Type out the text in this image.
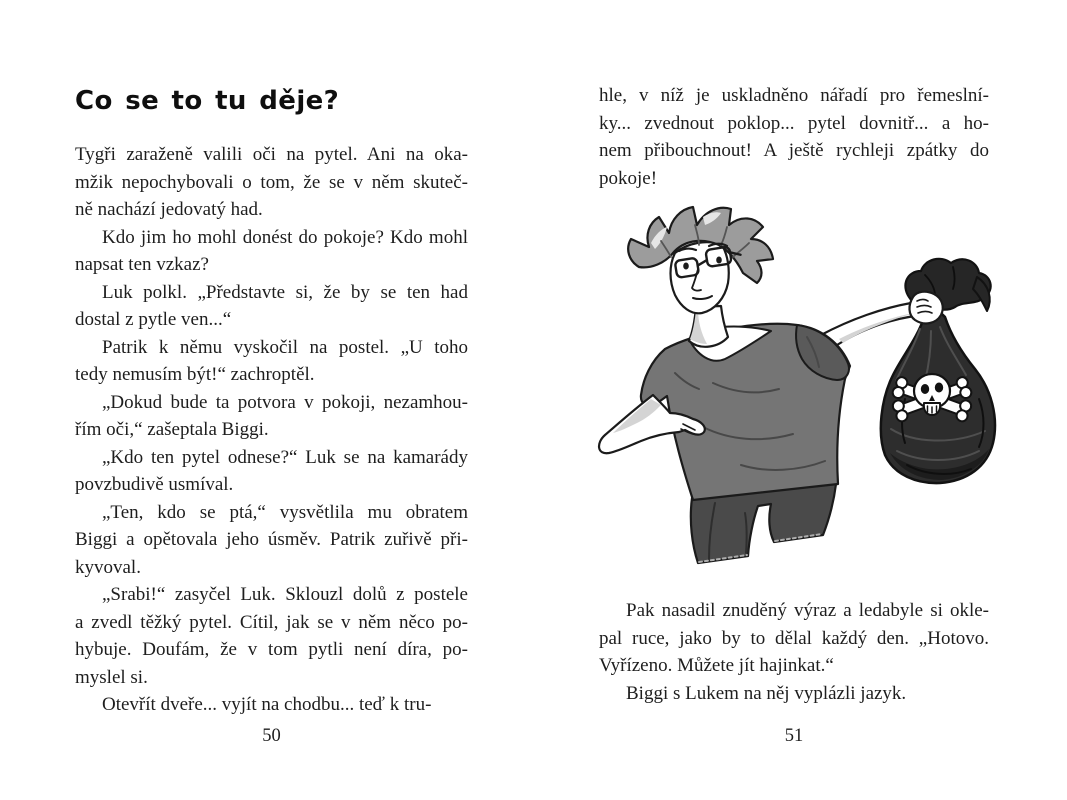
Co se to tu děje?
Tygři zaraženě valili oči na pytel. Ani na oka-
mžik nepochybovali o tom, že se v něm skuteč-
ně nachází jedovatý had.
Kdo jim ho mohl donést do pokoje? Kdo mohl
napsat ten vzkaz?
Luk polkl. „Představte si, že by se ten had
dostal z pytle ven...“
Patrik k němu vyskočil na postel. „U toho
tedy nemusím být!“ zachroptěl.
„Dokud bude ta potvora v pokoji, nezamhou-
řím oči,“ zašeptala Biggi.
„Kdo ten pytel odnese?“ Luk se na kamarády
povzbudivě usmíval.
„Ten, kdo se ptá,“ vysvětlila mu obratem
Biggi a opětovala jeho úsměv. Patrik zuřivě při-
kyvoval.
„Srabi!“ zasyčel Luk. Sklouzl dolů z postele
a zvedl těžký pytel. Cítil, jak se v něm něco po-
hybuje. Doufám, že v tom pytli není díra, po-
myslel si.
Otevřít dveře... vyjít na chodbu... teď k tru-
50
hle, v níž je uskladněno nářadí pro řemeslní-
ky... zvednout poklop... pytel dovnitř... a ho-
nem přibouchnout! A ještě rychleji zpátky do
pokoje!
Pak nasadil znuděný výraz a ledabyle si okle-
pal ruce, jako by to dělal každý den. „Hotovo.
Vyřízeno. Můžete jít hajinkat.“
Biggi s Lukem na něj vyplázli jazyk.
51
